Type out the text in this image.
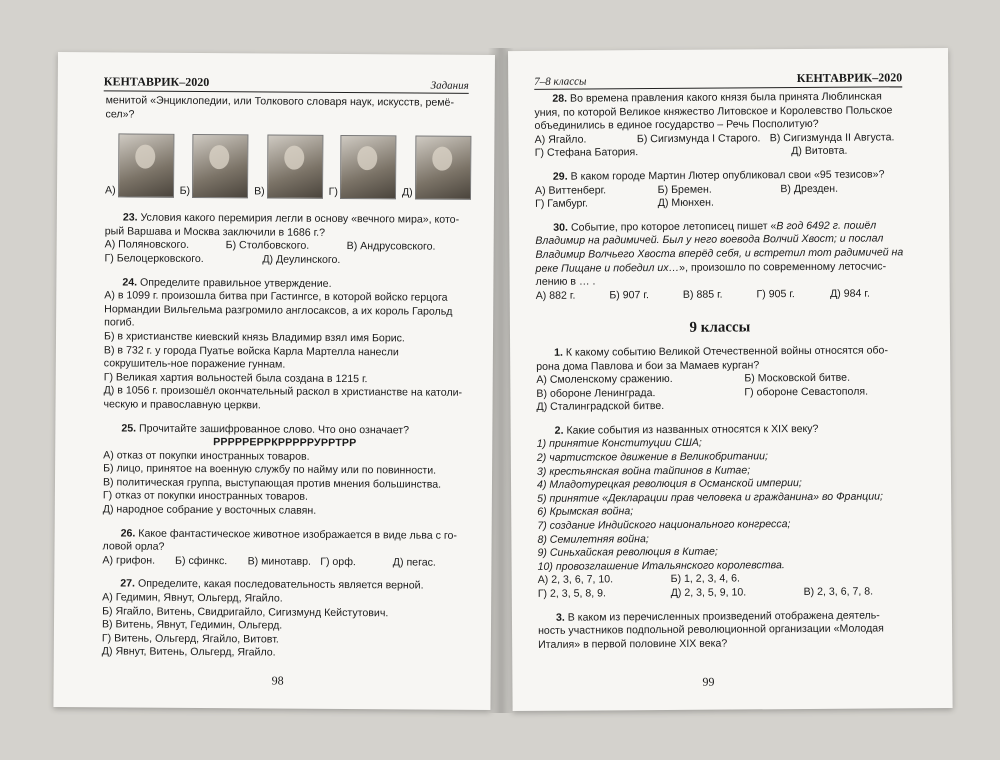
КЕНТАВРИК–2020	Задания

менитой «Энциклопедии, или Толкового словаря наук, искусств, ремё-сел»?

А)	Б)	В)	Г)	Д)

23. Условия какого перемирия легли в основу «вечного мира», кото-рый Варшава и Москва заключили в 1686 г.?

А) Поляновского.	Б) Столбовского.	В) Андрусовского.
Г) Белоцерковского.	Д) Деулинского.

24. Определите правильное утверждение.

А) в 1099 г. произошла битва при Гастингсе, в которой войско герцога Нормандии Вильгельма разгромило англосаксов, а их король Гарольд погиб.

Б) в христианстве киевский князь Владимир взял имя Борис.

В) в 732 г. у города Пуатье войска Карла Мартелла нанесли сокрушитель-ное поражение гуннам.

Г) Великая хартия вольностей была создана в 1215 г.

Д) в 1056 г. произошёл окончательный раскол в христианстве на католи-ческую и православную церкви.

25. Прочитайте зашифрованное слово. Что оно означает?

РРРРРЕРРКРРРРРУРРТРР

А) отказ от покупки иностранных товаров.

Б) лицо, принятое на военную службу по найму или по повинности.

В) политическая группа, выступающая против мнения большинства.

Г) отказ от покупки иностранных товаров.

Д) народное собрание у восточных славян.

26. Какое фантастическое животное изображается в виде льва с го-ловой орла?

А) грифон.	Б) сфинкс.	В) минотавр. Г) орф.	Д) пегас.

27. Определите, какая последовательность является верной.

А) Гедимин, Явнут, Ольгерд, Ягайло.

Б) Ягайло, Витень, Свидригайло, Сигизмунд Кейстутович.

В) Витень, Явнут, Гедимин, Ольгерд.

Г) Витень, Ольгерд, Ягайло, Витовт.

Д) Явнут, Витень, Ольгерд, Ягайло.

98
7–8 классы	КЕНТАВРИК–2020

28. Во времена правления какого князя была принята Люблинская уния, по которой Великое княжество Литовское и Королевство Польское объединились в единое государство – Речь Посполитую?

А) Ягайло.	Б) Сигизмунда I Старого. В) Сигизмунда II Августа.
Г) Стефана Батория.	Д) Витовта.

29. В каком городе Мартин Лютер опубликовал свои «95 тезисов»?

А) Виттенберг.	Б) Бремен.	В) Дрезден.
Г) Гамбург.	Д) Мюнхен.

30. Событие, про которое летописец пишет «В год 6492 г. пошёл Владимир на радимичей. Был у него воевода Волчий Хвост; и послал Владимир Волчьего Хвоста вперёд себя, и встретил тот радимичей на реке Пищане и победил их…», произошло по современному летосчис-лению в … .

А) 882 г.	Б) 907 г.	В) 885 г.	Г) 905 г.	Д) 984 г.
9 классы

1. К какому событию Великой Отечественной войны относятся обо-рона дома Павлова и бои за Мамаев курган?

А) Смоленскому сражению.	Б) Московской битве.
В) обороне Ленинграда.	Г) обороне Севастополя.

Д) Сталинградской битве.

2. Какие события из названных относятся к XIX веку?

1) принятие Конституции США;

2) чартистское движение в Великобритании;

3) крестьянская война тайпинов в Китае;

4) Младотурецкая революция в Османской империи;

5) принятие «Декларации прав человека и гражданина» во Франции;

6) Крымская война;

7) создание Индийского национального конгресса;

8) Семилетняя война;

9) Синьхайская революция в Китае;

10) провозглашение Итальянского королевства.

А) 2, 3, 6, 7, 10.	Б) 1, 2, 3, 4, 6.
Г) 2, 3, 5, 8, 9.	Д) 2, 3, 5, 9, 10.	В) 2, 3, 6, 7, 8.

3. В каком из перечисленных произведений отображена деятель-ность участников подпольной революционной организации «Молодая Италия» в первой половине XIX века?

99
